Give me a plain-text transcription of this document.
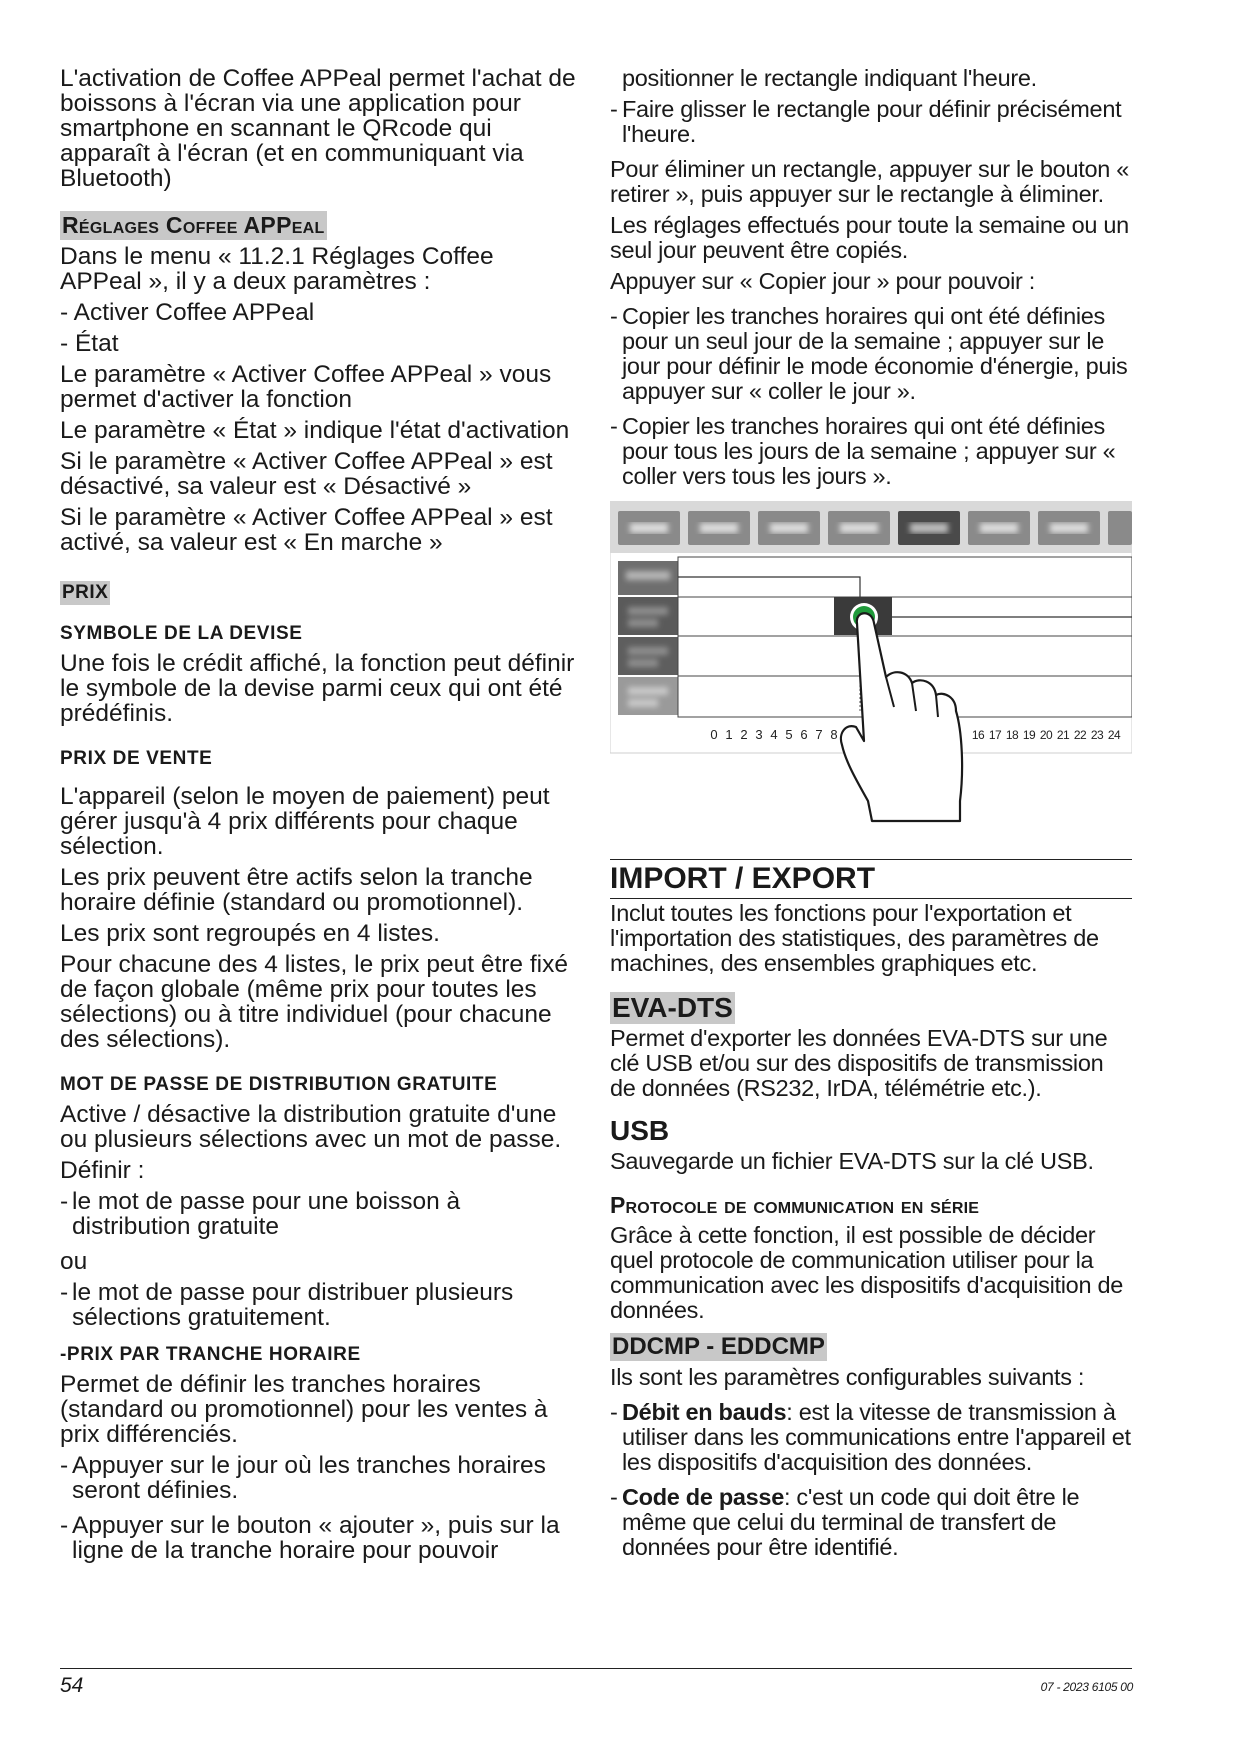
L'activation de Coffee APPeal permet l'achat de boissons à l'écran via une application pour smartphone en scannant le QRcode qui apparaît à l'écran (et en communiquant via Bluetooth)

Réglages Coffee APPeal

Dans le menu « 11.2.1 Réglages Coffee APPeal », il y a deux paramètres :

- Activer Coffee APPeal

- État

Le paramètre « Activer Coffee APPeal » vous permet d'activer la fonction

Le paramètre « État » indique l'état d'activation

Si le paramètre « Activer Coffee APPeal » est désactivé, sa valeur est « Désactivé »

Si le paramètre « Activer Coffee APPeal » est activé, sa valeur est « En marche »

PRIX
SYMBOLE DE LA DEVISE

Une fois le crédit affiché, la fonction peut définir le symbole de la devise parmi ceux qui ont été prédéfinis.

PRIX DE VENTE

L'appareil (selon le moyen de paiement) peut gérer jusqu'à 4 prix différents pour chaque sélection.

Les prix peuvent être actifs selon la tranche horaire définie (standard ou promotionnel).

Les prix sont regroupés en 4 listes.

Pour chacune des 4 listes, le prix peut être fixé de façon globale (même prix pour toutes les sélections) ou à titre individuel (pour chacune des sélections).

MOT DE PASSE DE DISTRIBUTION GRATUITE

Active / désactive la distribution gratuite d'une ou plusieurs sélections avec un mot de passe.

Définir :

- le mot de passe pour une boisson à distribution gratuite

ou

- le mot de passe pour distribuer plusieurs sélections gratuitement.
-PRIX PAR TRANCHE HORAIRE

Permet de définir les tranches horaires (standard ou promotionnel) pour les ventes à prix différenciés.

- Appuyer sur le jour où les tranches horaires seront définies.
- Appuyer sur le bouton « ajouter », puis sur la ligne de la tranche horaire pour pouvoir

positionner le rectangle indiquant l'heure.

- Faire glisser le rectangle pour définir précisément l'heure.

Pour éliminer un rectangle, appuyer sur le bouton « retirer », puis appuyer sur le rectangle à éliminer.

Les réglages effectués pour toute la semaine ou un seul jour peuvent être copiés.

Appuyer sur « Copier jour » pour pouvoir :

- Copier les tranches horaires qui ont été définies pour un seul jour de la semaine ; appuyer sur le jour pour définir le mode économie d'énergie, puis appuyer sur « coller le jour ».
- Copier les tranches horaires qui ont été définies pour tous les jours de la semaine ; appuyer sur « coller vers tous les jours ».
0 1 2 3 4 5 6 7 8	16 17 18 19 20 21 22 23 24
IMPORT / EXPORT

Inclut toutes les fonctions pour l'exportation et l'importation des statistiques, des paramètres de machines, des ensembles graphiques etc.

EVA-DTS

Permet d'exporter les données EVA-DTS sur une clé USB et/ou sur des dispositifs de transmission de données (RS232, IrDA, télémétrie etc.).

USB

Sauvegarde un fichier EVA-DTS sur la clé USB.

Protocole de communication en série

Grâce à cette fonction, il est possible de décider quel protocole de communication utiliser pour la communication avec les dispositifs d'acquisition de données.

DDCMP - EDDCMP

Ils sont les paramètres configurables suivants :

- Débit en bauds: est la vitesse de transmission à utiliser dans les communications entre l'appareil et les dispositifs d'acquisition des données.
- Code de passe: c'est un code qui doit être le même que celui du terminal de transfert de données pour être identifié.
54	07 - 2023 6105 00
